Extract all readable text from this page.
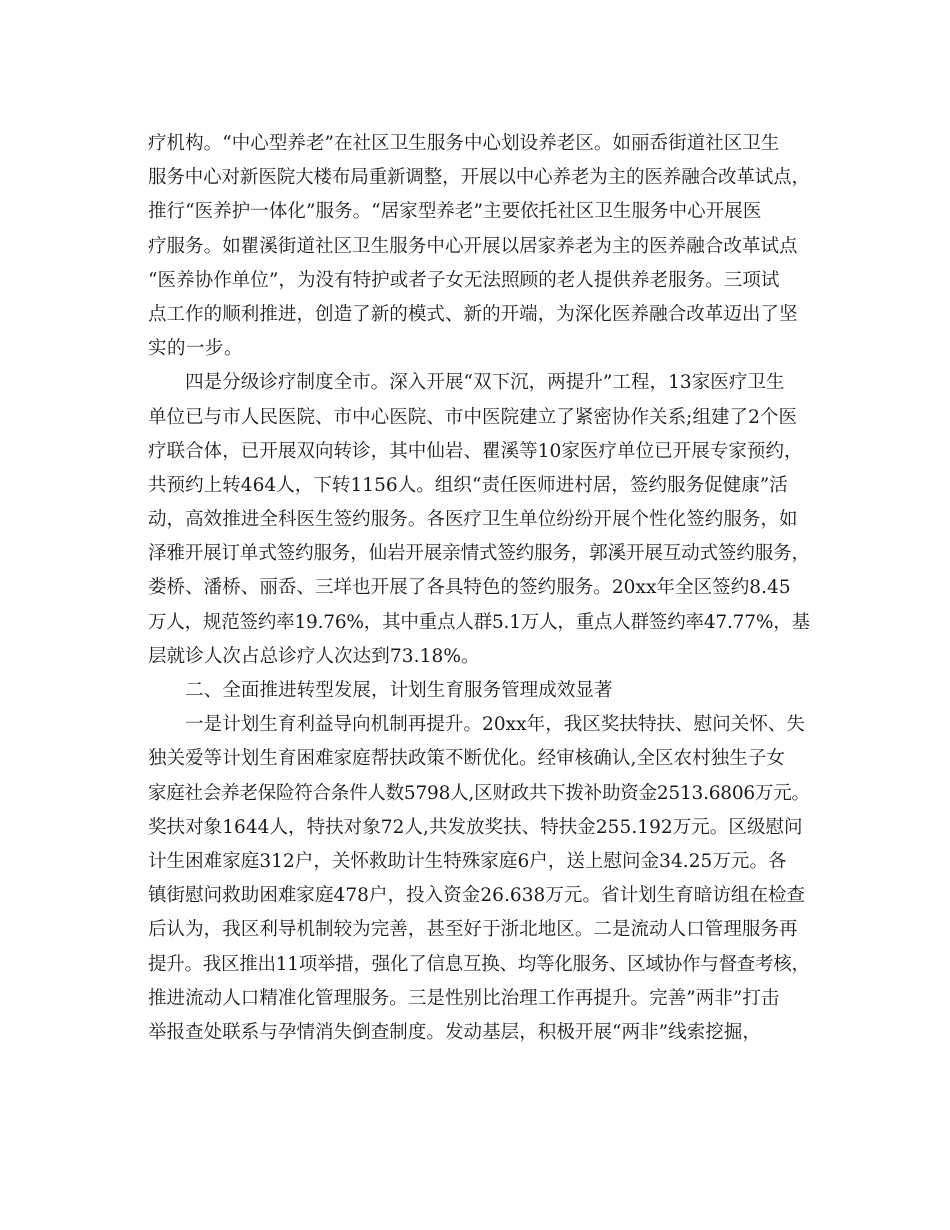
疗机构。“中心型养老”在社区卫生服务中心划设养老区。如丽岙街道社区卫生
服务中心对新医院大楼布局重新调整，开展以中心养老为主的医养融合改革试点，
推行“医养护一体化”服务。“居家型养老”主要依托社区卫生服务中心开展医
疗服务。如瞿溪街道社区卫生服务中心开展以居家养老为主的医养融合改革试点
“医养协作单位”，为没有特护或者子女无法照顾的老人提供养老服务。三项试
点工作的顺利推进，创造了新的模式、新的开端，为深化医养融合改革迈出了坚
实的一步。
　　四是分级诊疗制度全市。深入开展“双下沉，两提升”工程，13家医疗卫生
单位已与市人民医院、市中心医院、市中医院建立了紧密协作关系;组建了2个医
疗联合体，已开展双向转诊，其中仙岩、瞿溪等10家医疗单位已开展专家预约，
共预约上转464人，下转1156人。组织“责任医师进村居，签约服务促健康”活
动，高效推进全科医生签约服务。各医疗卫生单位纷纷开展个性化签约服务，如
泽雅开展订单式签约服务，仙岩开展亲情式签约服务，郭溪开展互动式签约服务，
娄桥、潘桥、丽岙、三垟也开展了各具特色的签约服务。20xx年全区签约8.45
万人，规范签约率19.76%，其中重点人群5.1万人，重点人群签约率47.77%，基
层就诊人次占总诊疗人次达到73.18%。
　　二、全面推进转型发展，计划生育服务管理成效显著
　　一是计划生育利益导向机制再提升。20xx年，我区奖扶特扶、慰问关怀、失
独关爱等计划生育困难家庭帮扶政策不断优化。经审核确认,全区农村独生子女
家庭社会养老保险符合条件人数5798人,区财政共下拨补助资金2513.6806万元。
奖扶对象1644人，特扶对象72人,共发放奖扶、特扶金255.192万元。区级慰问
计生困难家庭312户，关怀救助计生特殊家庭6户，送上慰问金34.25万元。各
镇街慰问救助困难家庭478户，投入资金26.638万元。省计划生育暗访组在检查
后认为，我区利导机制较为完善，甚至好于浙北地区。二是流动人口管理服务再
提升。我区推出11项举措，强化了信息互换、均等化服务、区域协作与督查考核，
推进流动人口精准化管理服务。三是性别比治理工作再提升。完善”两非”打击
举报查处联系与孕情消失倒查制度。发动基层，积极开展“两非”线索挖掘，
